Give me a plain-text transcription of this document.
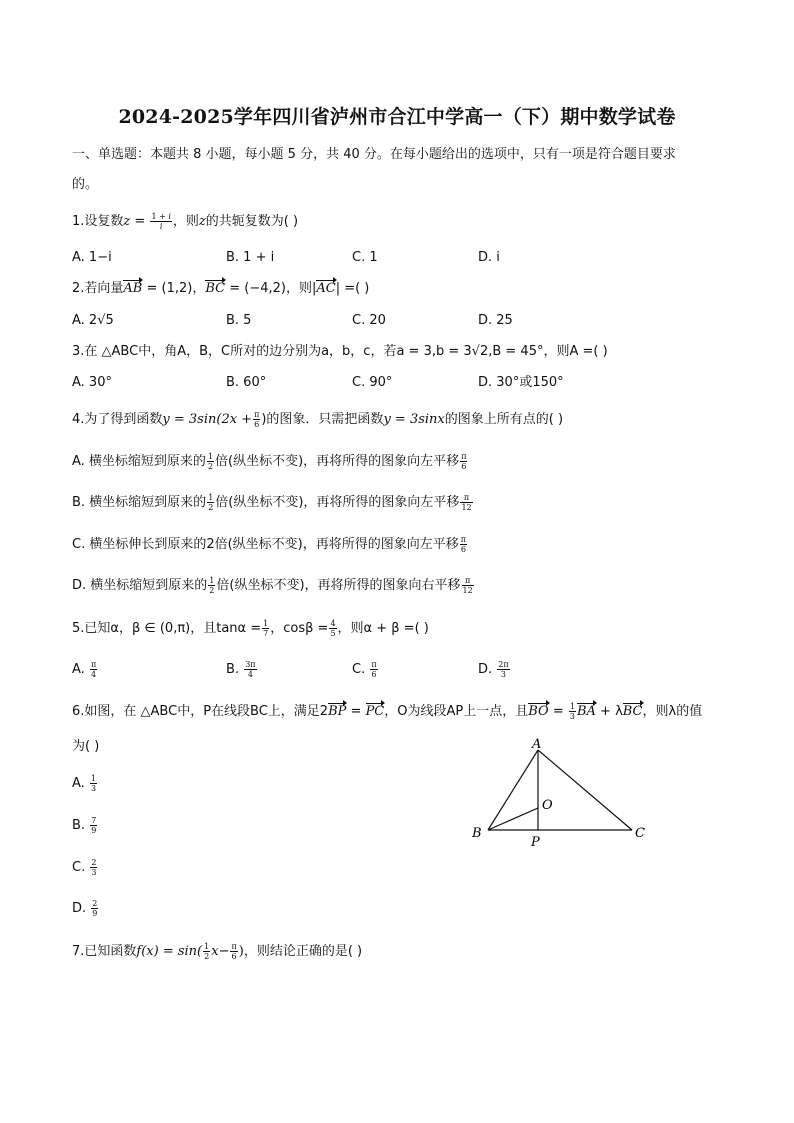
2024-2025学年四川省泸州市合江中学高一（下）期中数学试卷
一、单选题：本题共 8 小题，每小题 5 分，共 40 分。在每小题给出的选项中，只有一项是符合题目要求
的。
1.设复数$z = \frac{1 + i}{i}$ ，则z的共轭复数为( )
A. 1−i	B. 1 + i	C. 1	D. i
2.若向量AB = (1,2)，BC = (−4,2)，则|AC| =( )
A. 2√5	B. 5	C. 20	D. 25
3.在 △ABC中，角A，B，C所对的边分别为a，b，c，若a = 3,b = 3√2,B = 45°，则A =( )
A. 30°	B. 60°	C. 90°	D. 30°或150°
4.为了得到函数$y = 3\sin(2x + \frac{\pi}{6}$ )的图象．只需把函数y = 3sinx的图象上所有点的( )
A. 横坐标缩短到原来的 $\frac{1}{2}$ 倍(纵坐标不变)，再将所得的图象向左平移 $\frac{\pi}{6}$
B. 横坐标缩短到原来的 $\frac{1}{2}$ 倍(纵坐标不变)，再将所得的图象向左平移 $\frac{\pi}{12}$
C. 横坐标伸长到原来的2倍(纵坐标不变)，再将所得的图象向左平移 $\frac{\pi}{6}$
D. 横坐标缩短到原来的 $\frac{1}{2}$ 倍(纵坐标不变)，再将所得的图象向右平移 $\frac{\pi}{12}$
5.已知α，β ∈ (0,π)，且$\tan\alpha = \frac{1}{7}$ ，$\cos\beta = \frac{4}{5}$ ，则α + β =( )
A. $\frac{\pi}{4}$	B. $\frac{3\pi}{4}$	C. $\frac{\pi}{6}$	D. $\frac{2\pi}{3}$
6.如图，在 △ABC中，P在线段BC上，满足2BP = PC，O为线段AP上一点，且BO = $\frac{1}{3}$ BA + λBC，则λ的值
为( )
A. $\frac{1}{3}$
B. $\frac{7}{9}$
C. $\frac{2}{3}$
D. $\frac{2}{9}$
A
B	C
O
P
7.已知函数$f(x) = \sin( \frac{1}{2} x- \frac{\pi}{6}$ )，则结论正确的是( )
